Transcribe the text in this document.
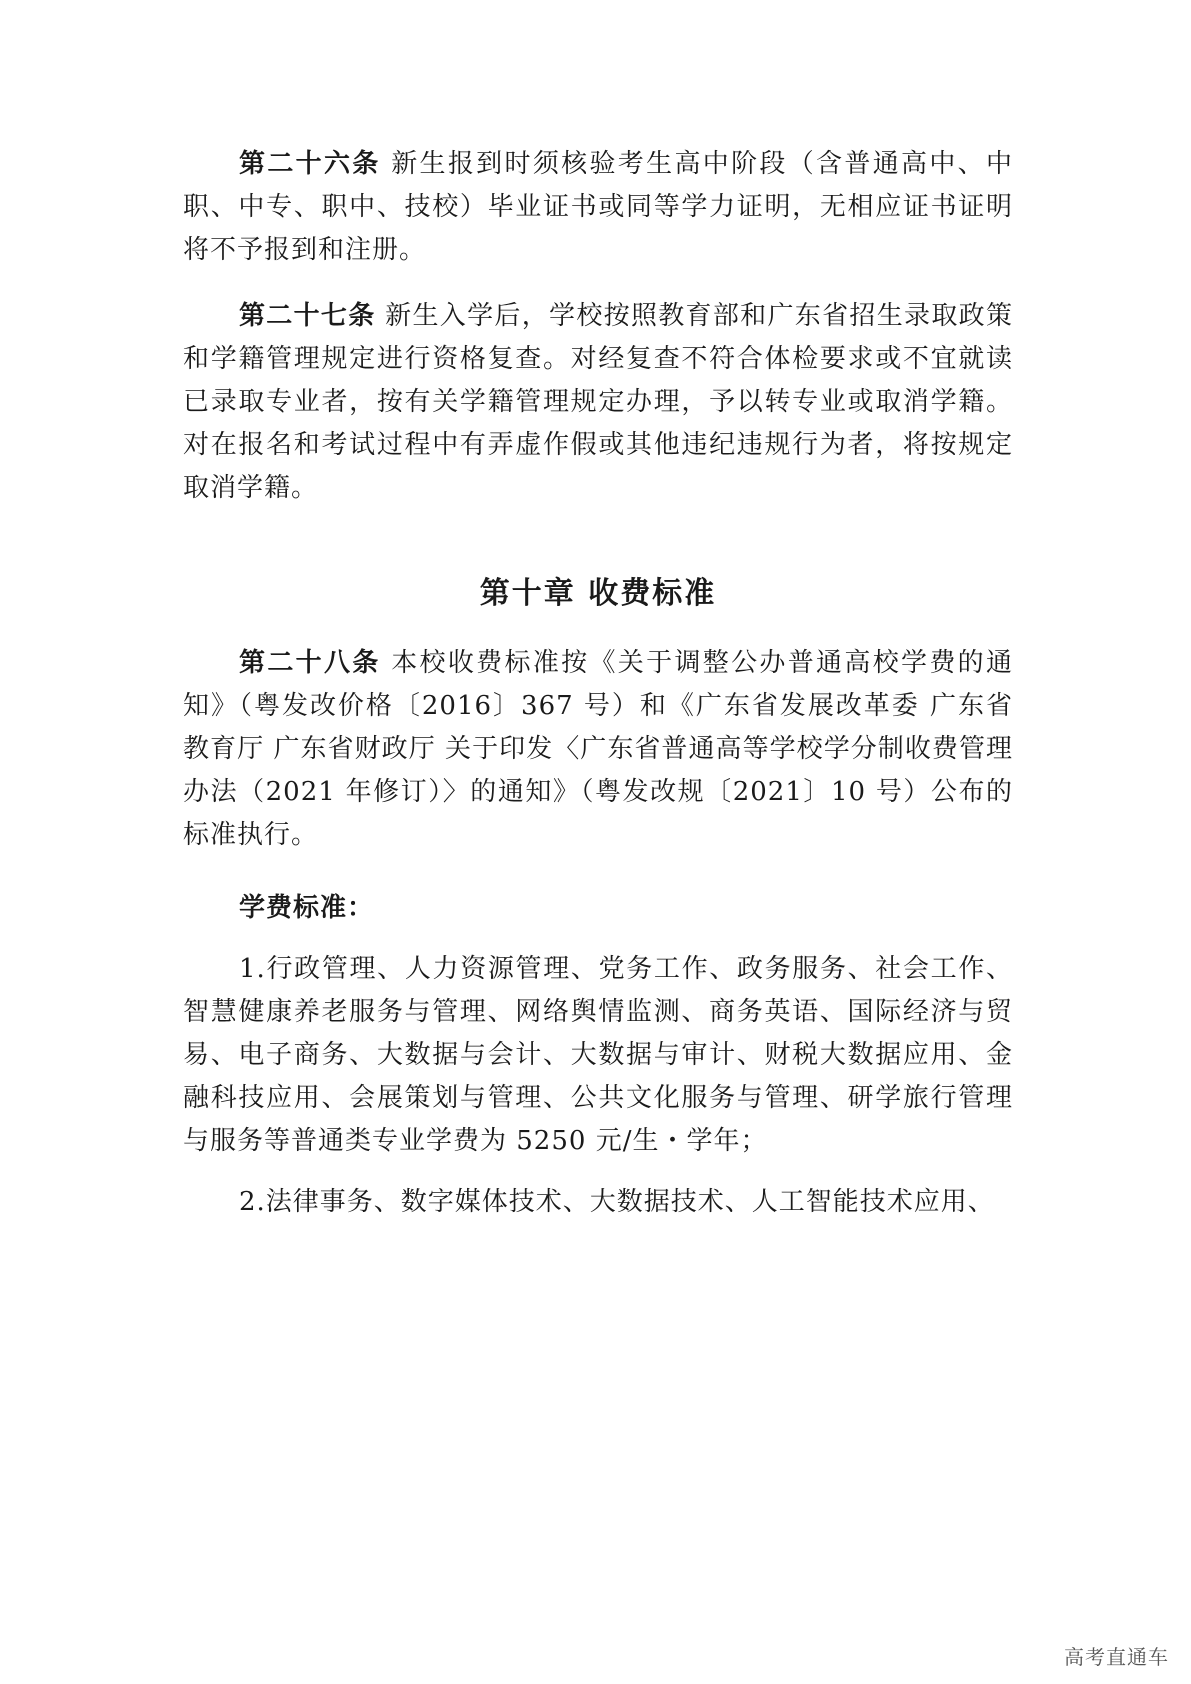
第二十六条 新生报到时须核验考生高中阶段（含普通高中、中职、中专、职中、技校）毕业证书或同等学力证明，无相应证书证明将不予报到和注册。

第二十七条 新生入学后，学校按照教育部和广东省招生录取政策和学籍管理规定进行资格复查。对经复查不符合体检要求或不宜就读已录取专业者，按有关学籍管理规定办理，予以转专业或取消学籍。对在报名和考试过程中有弄虚作假或其他违纪违规行为者，将按规定取消学籍。

第十章 收费标准

第二十八条 本校收费标准按《关于调整公办普通高校学费的通知》（粤发改价格〔2016〕367 号）和《广东省发展改革委 广东省教育厅 广东省财政厅 关于印发〈广东省普通高等学校学分制收费管理办法（2021 年修订）〉的通知》（粤发改规〔2021〕10 号）公布的标准执行。

学费标准：

1.行政管理、人力资源管理、党务工作、政务服务、社会工作、智慧健康养老服务与管理、网络舆情监测、商务英语、国际经济与贸易、电子商务、大数据与会计、大数据与审计、财税大数据应用、金融科技应用、会展策划与管理、公共文化服务与管理、研学旅行管理与服务等普通类专业学费为 5250 元/生・学年；

2.法律事务、数字媒体技术、大数据技术、人工智能技术应用、

高考直通车
